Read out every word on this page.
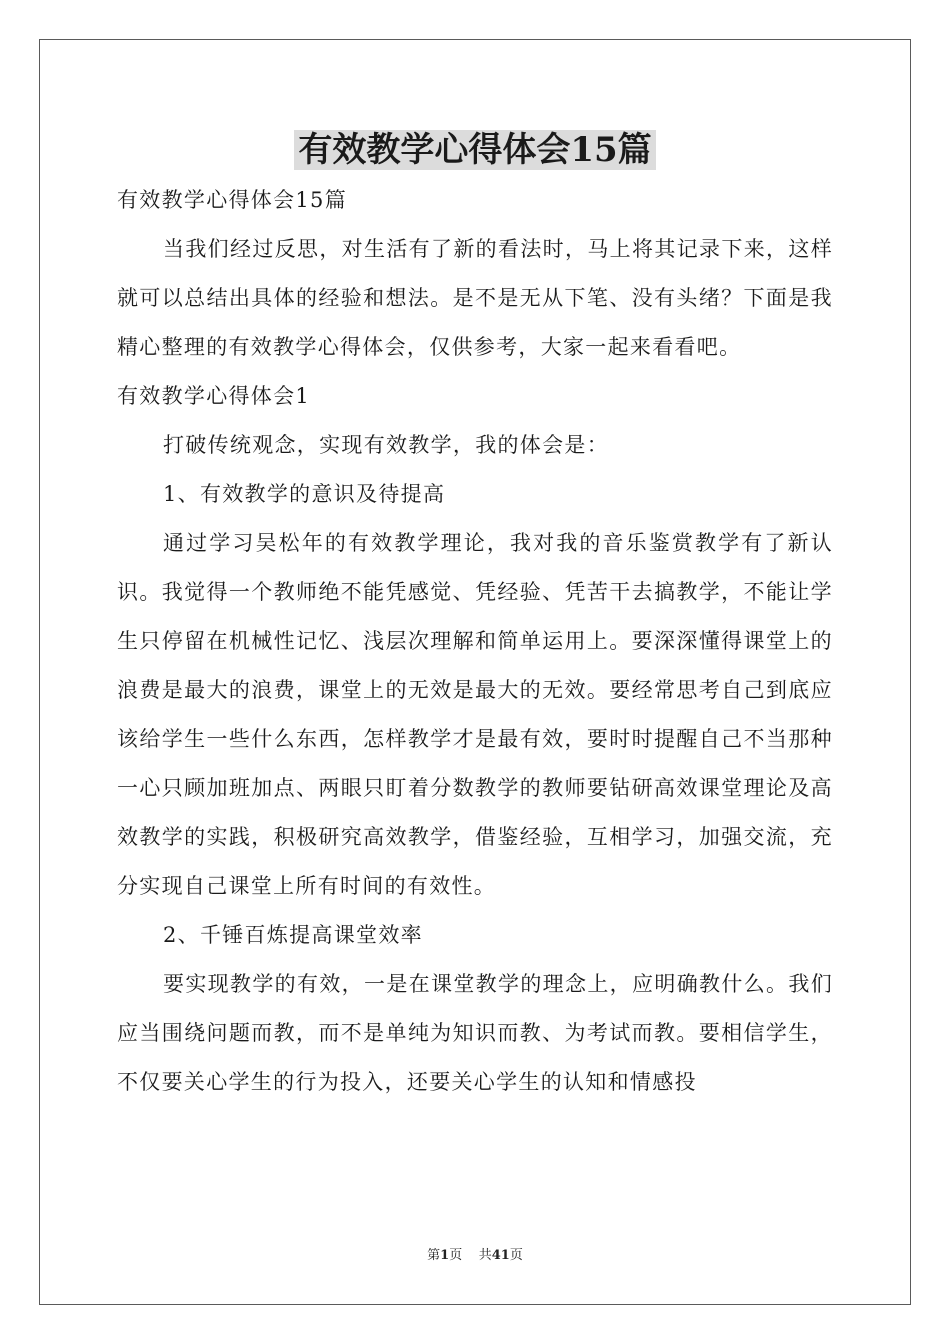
有效教学心得体会15篇

有效教学心得体会15篇

当我们经过反思，对生活有了新的看法时，马上将其记录下来，这样就可以总结出具体的经验和想法。是不是无从下笔、没有头绪？下面是我精心整理的有效教学心得体会，仅供参考，大家一起来看看吧。

有效教学心得体会1

打破传统观念，实现有效教学，我的体会是：

1、有效教学的意识及待提高

通过学习吴松年的有效教学理论，我对我的音乐鉴赏教学有了新认识。我觉得一个教师绝不能凭感觉、凭经验、凭苦干去搞教学，不能让学生只停留在机械性记忆、浅层次理解和简单运用上。要深深懂得课堂上的浪费是最大的浪费，课堂上的无效是最大的无效。要经常思考自己到底应该给学生一些什么东西，怎样教学才是最有效，要时时提醒自己不当那种一心只顾加班加点、两眼只盯着分数教学的教师要钻研高效课堂理论及高效教学的实践，积极研究高效教学，借鉴经验，互相学习，加强交流，充分实现自己课堂上所有时间的有效性。

2、千锤百炼提高课堂效率

要实现教学的有效，一是在课堂教学的理念上，应明确教什么。我们应当围绕问题而教，而不是单纯为知识而教、为考试而教。要相信学生，不仅要关心学生的行为投入，还要关心学生的认知和情感投

第1页 共41页
